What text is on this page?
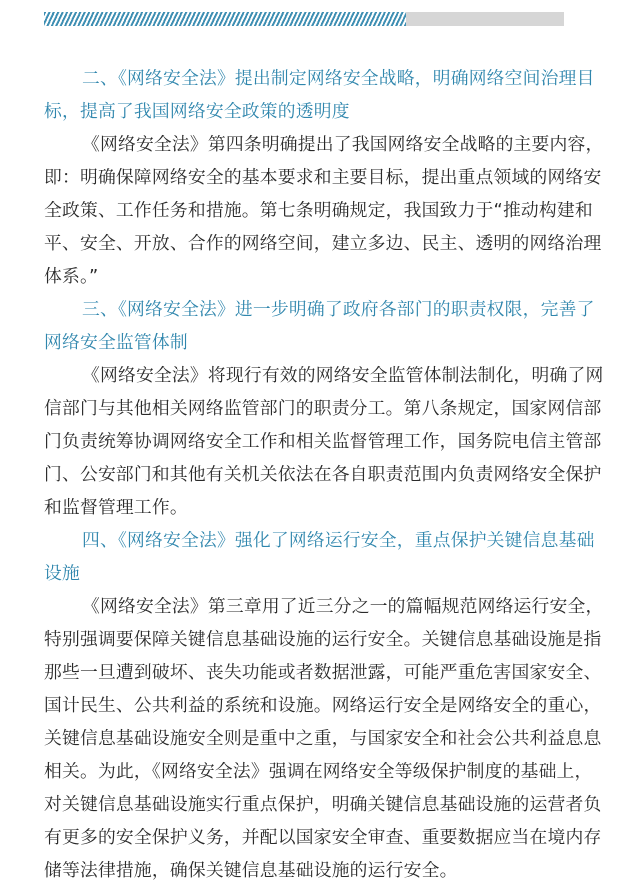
二、《网络安全法》提出制定网络安全战略，明确网络空间治理目
标，提高了我国网络安全政策的透明度
《网络安全法》第四条明确提出了我国网络安全战略的主要内容，
即：明确保障网络安全的基本要求和主要目标，提出重点领域的网络安
全政策、工作任务和措施。第七条明确规定，我国致力于“推动构建和
平、安全、开放、合作的网络空间，建立多边、民主、透明的网络治理
体系。”
三、《网络安全法》进一步明确了政府各部门的职责权限，完善了
网络安全监管体制
《网络安全法》将现行有效的网络安全监管体制法制化，明确了网
信部门与其他相关网络监管部门的职责分工。第八条规定，国家网信部
门负责统筹协调网络安全工作和相关监督管理工作，国务院电信主管部
门、公安部门和其他有关机关依法在各自职责范围内负责网络安全保护
和监督管理工作。
四、《网络安全法》强化了网络运行安全，重点保护关键信息基础
设施
《网络安全法》第三章用了近三分之一的篇幅规范网络运行安全，
特别强调要保障关键信息基础设施的运行安全。关键信息基础设施是指
那些一旦遭到破坏、丧失功能或者数据泄露，可能严重危害国家安全、
国计民生、公共利益的系统和设施。网络运行安全是网络安全的重心，
关键信息基础设施安全则是重中之重，与国家安全和社会公共利益息息
相关。为此，《网络安全法》强调在网络安全等级保护制度的基础上，
对关键信息基础设施实行重点保护，明确关键信息基础设施的运营者负
有更多的安全保护义务，并配以国家安全审查、重要数据应当在境内存
储等法律措施，确保关键信息基础设施的运行安全。
